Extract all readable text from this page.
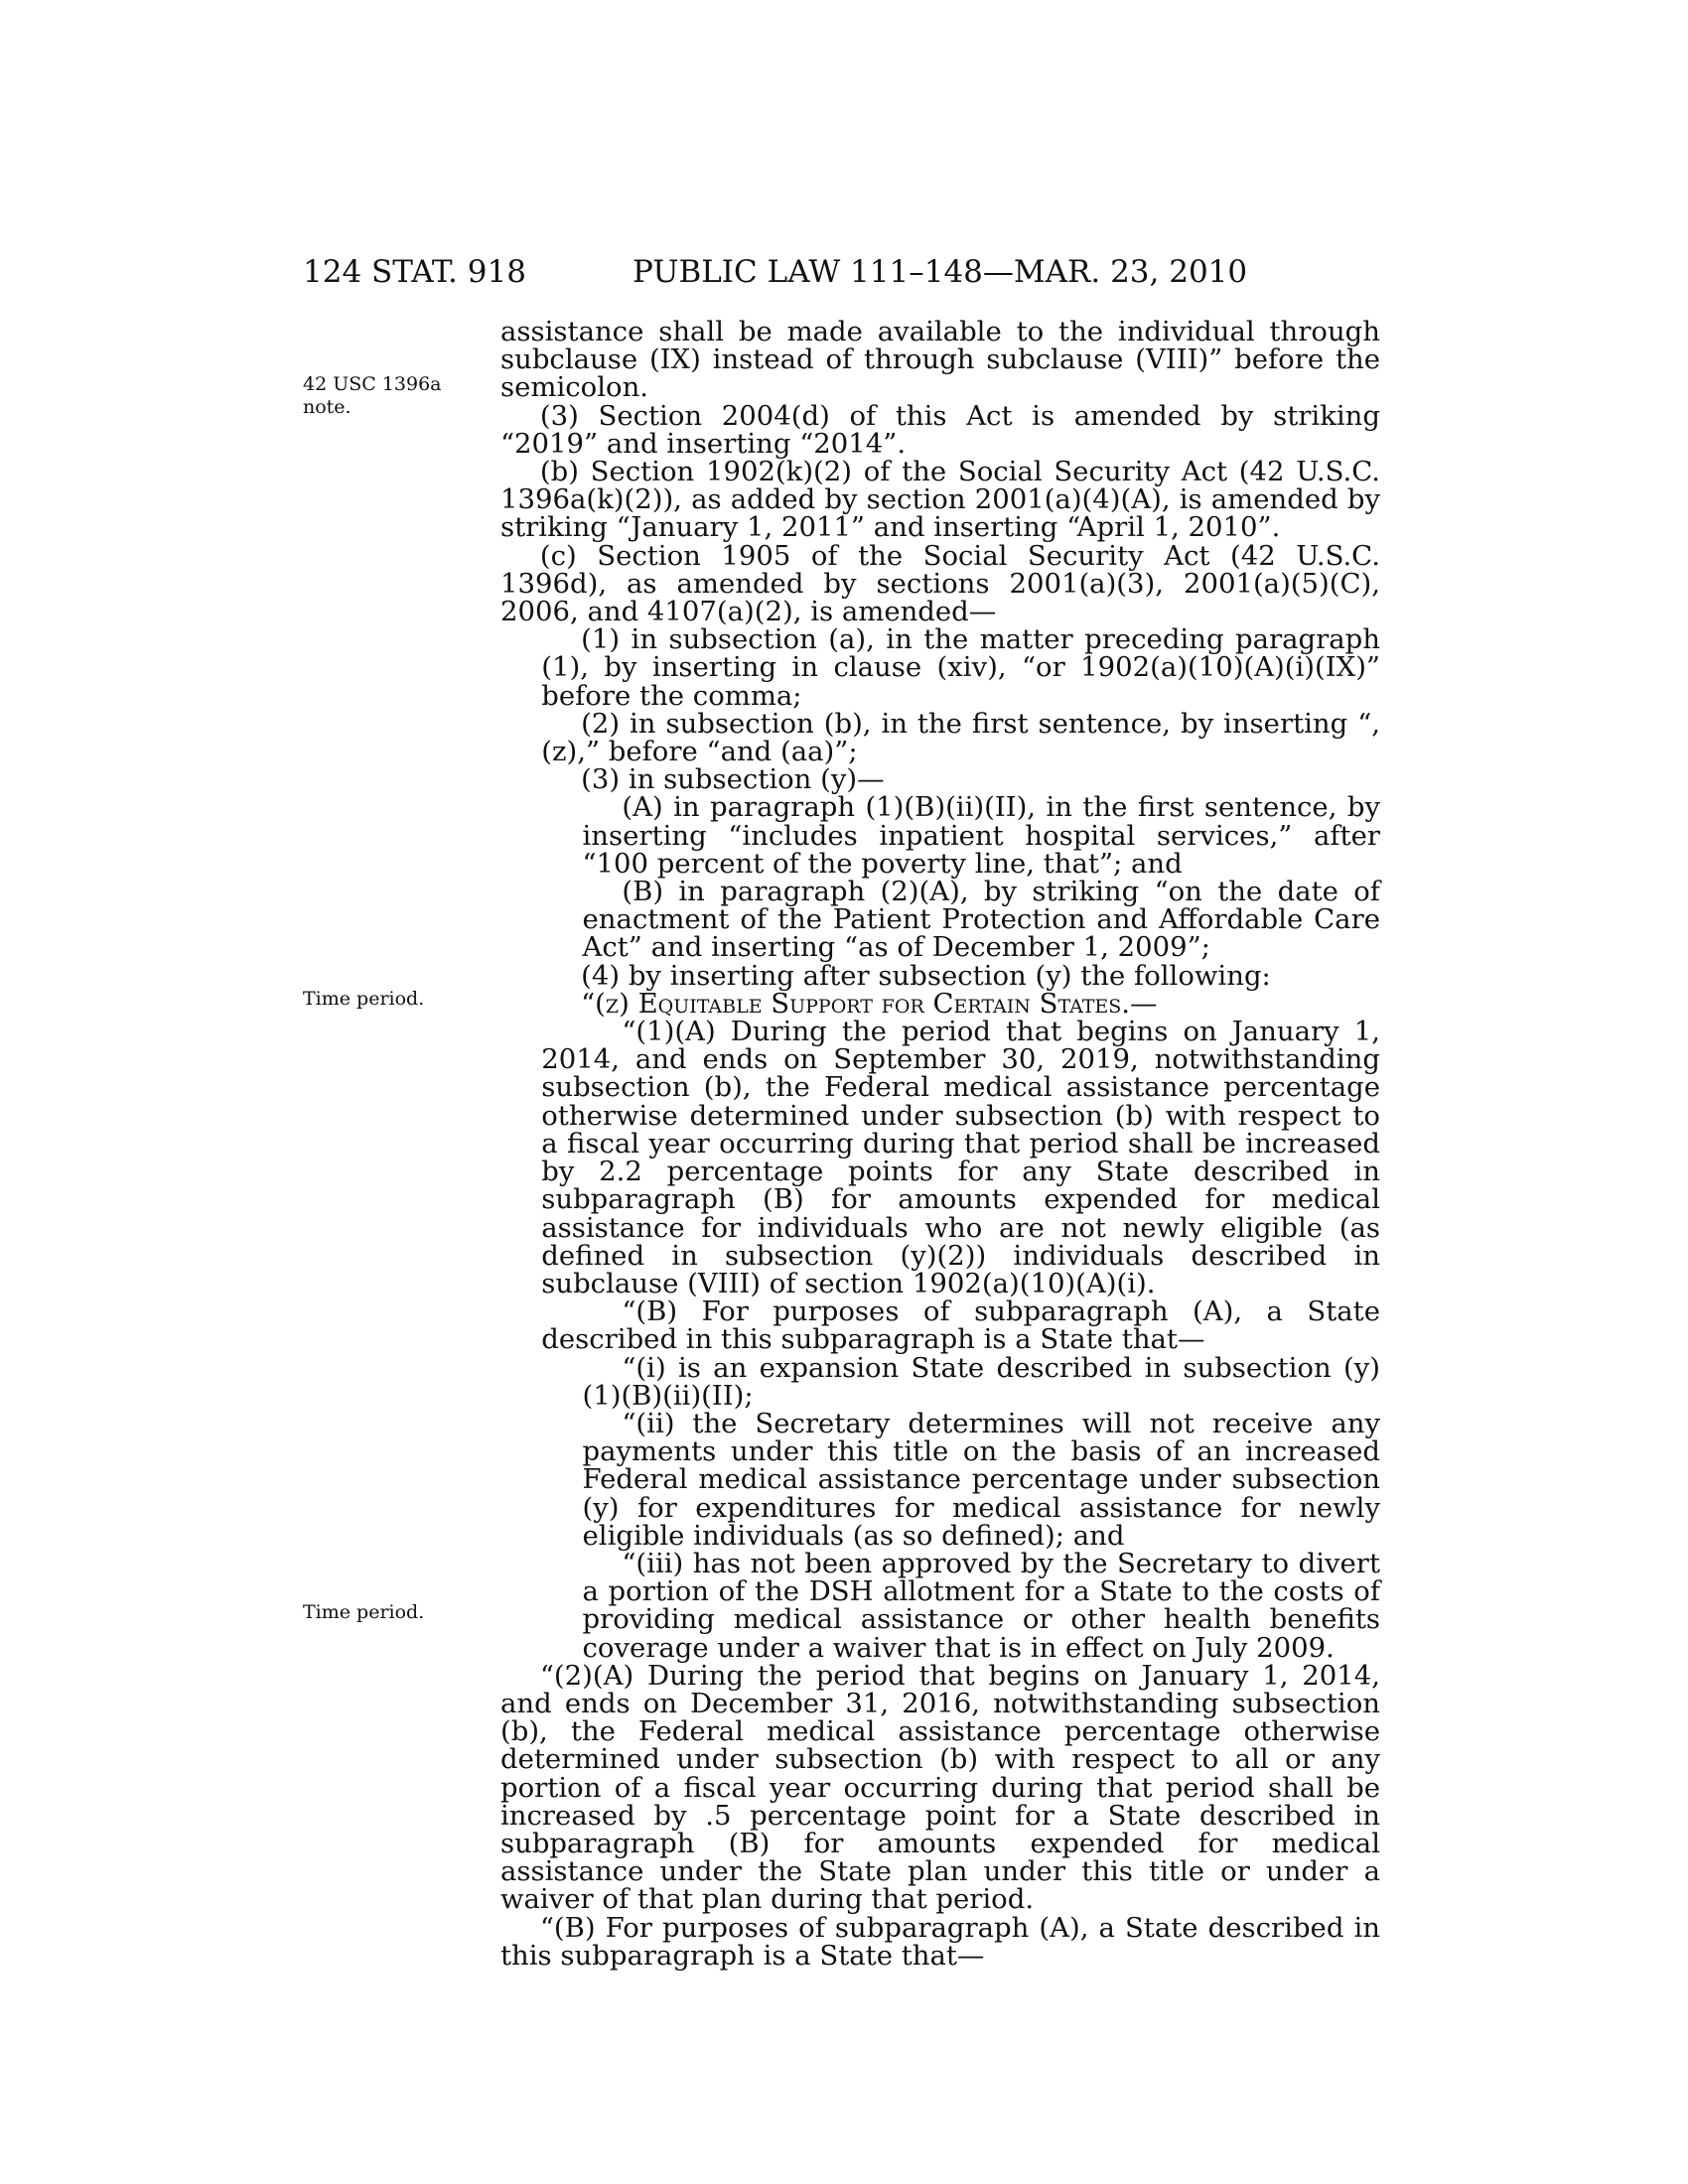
124 STAT. 918	PUBLIC LAW 111–148—MAR. 23, 2010
42 USC 1396a
note.
Time period.
Time period.

assistance shall be made available to the individual through subclause (IX) instead of through subclause (VIII)” before the semicolon.

(3) Section 2004(d) of this Act is amended by striking “2019” and inserting “2014”.

(b) Section 1902(k)(2) of the Social Security Act (42 U.S.C. 1396a(k)(2)), as added by section 2001(a)(4)(A), is amended by striking “January 1, 2011” and inserting “April 1, 2010”.

(c) Section 1905 of the Social Security Act (42 U.S.C. 1396d), as amended by sections 2001(a)(3), 2001(a)(5)(C), 2006, and 4107(a)(2), is amended—

(1) in subsection (a), in the matter preceding paragraph (1), by inserting in clause (xiv), “or 1902(a)(10)(A)(i)(IX)” before the comma;

(2) in subsection (b), in the first sentence, by inserting “, (z),” before “and (aa)”;

(3) in subsection (y)—

(A) in paragraph (1)(B)(ii)(II), in the first sentence, by inserting “includes inpatient hospital services,” after “100 percent of the poverty line, that”; and

(B) in paragraph (2)(A), by striking “on the date of enactment of the Patient Protection and Affordable Care Act” and inserting “as of December 1, 2009”;

(4) by inserting after subsection (y) the following:

“(z) Equitable Support for Certain States.—

“(1)(A) During the period that begins on January 1, 2014, and ends on September 30, 2019, notwithstanding subsection (b), the Federal medical assistance percentage otherwise determined under subsection (b) with respect to a fiscal year occurring during that period shall be increased by 2.2 percentage points for any State described in subparagraph (B) for amounts expended for medical assistance for individuals who are not newly eligible (as defined in subsection (y)(2)) individuals described in subclause (VIII) of section 1902(a)(10)(A)(i).

“(B) For purposes of subparagraph (A), a State described in this subparagraph is a State that—

“(i) is an expansion State described in subsection (y)(1)(B)(ii)(II);

“(ii) the Secretary determines will not receive any payments under this title on the basis of an increased Federal medical assistance percentage under subsection (y) for expenditures for medical assistance for newly eligible individuals (as so defined); and

“(iii) has not been approved by the Secretary to divert a portion of the DSH allotment for a State to the costs of providing medical assistance or other health benefits coverage under a waiver that is in effect on July 2009.

“(2)(A) During the period that begins on January 1, 2014, and ends on December 31, 2016, notwithstanding subsection (b), the Federal medical assistance percentage otherwise determined under subsection (b) with respect to all or any portion of a fiscal year occurring during that period shall be increased by .5 percentage point for a State described in subparagraph (B) for amounts expended for medical assistance under the State plan under this title or under a waiver of that plan during that period.

“(B) For purposes of subparagraph (A), a State described in this subparagraph is a State that—
